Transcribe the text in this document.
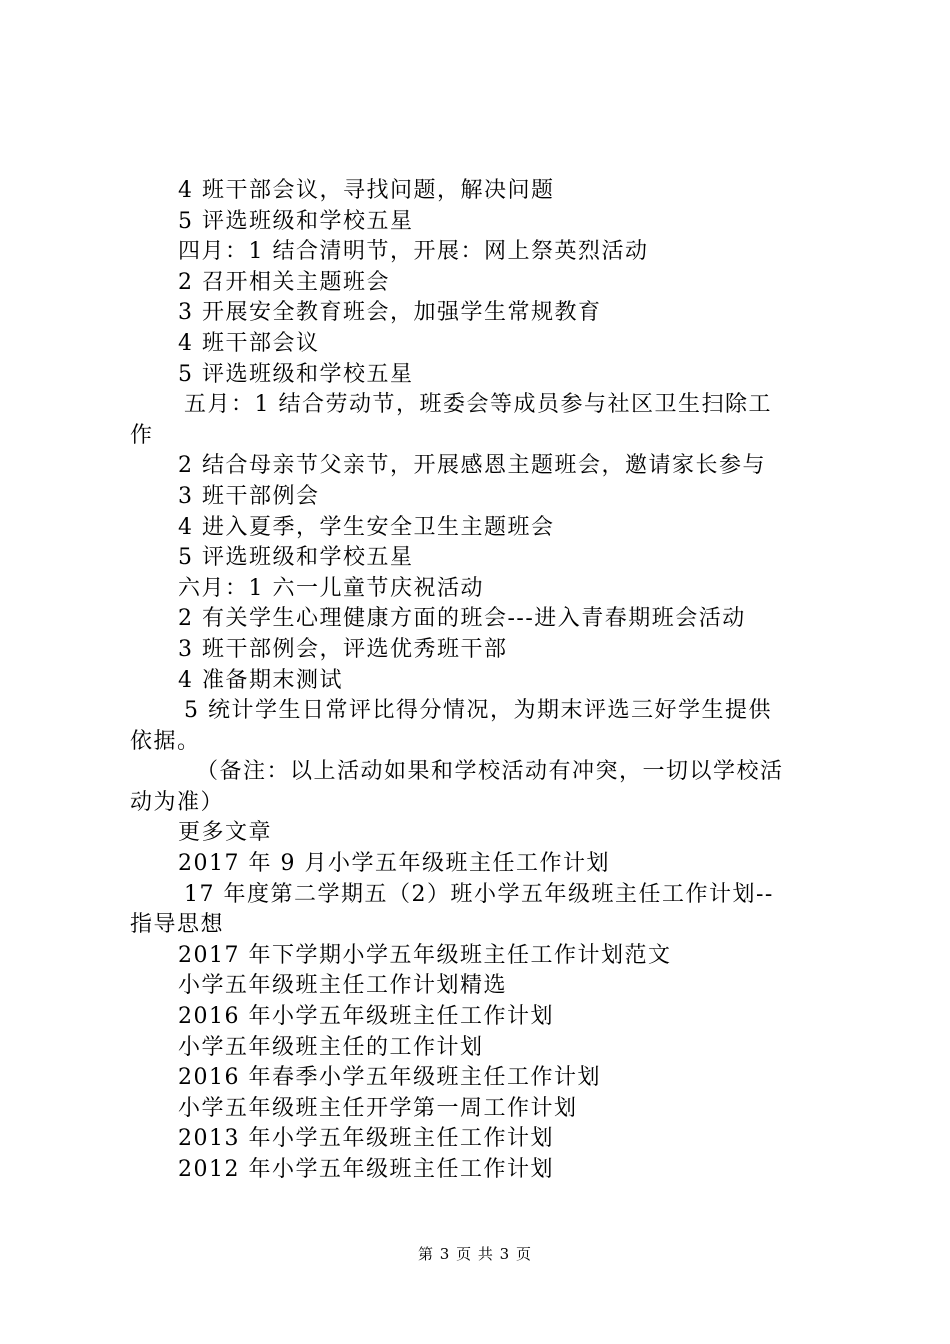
4 班干部会议，寻找问题，解决问题
5 评选班级和学校五星
四月：1 结合清明节，开展：网上祭英烈活动
2 召开相关主题班会
3 开展安全教育班会，加强学生常规教育
4 班干部会议
5 评选班级和学校五星
五月：1 结合劳动节，班委会等成员参与社区卫生扫除工
作
2 结合母亲节父亲节，开展感恩主题班会，邀请家长参与
3 班干部例会
4 进入夏季，学生安全卫生主题班会
5 评选班级和学校五星
六月：1 六一儿童节庆祝活动
2 有关学生心理健康方面的班会---进入青春期班会活动
3 班干部例会，评选优秀班干部
4 准备期末测试
5 统计学生日常评比得分情况，为期末评选三好学生提供
依据。
（备注：以上活动如果和学校活动有冲突，一切以学校活
动为准）
更多文章
2017 年 9 月小学五年级班主任工作计划
17 年度第二学期五（2）班小学五年级班主任工作计划--
指导思想
2017 年下学期小学五年级班主任工作计划范文
小学五年级班主任工作计划精选
2016 年小学五年级班主任工作计划
小学五年级班主任的工作计划
2016 年春季小学五年级班主任工作计划
小学五年级班主任开学第一周工作计划
2013 年小学五年级班主任工作计划
2012 年小学五年级班主任工作计划
第 3 页 共 3 页
